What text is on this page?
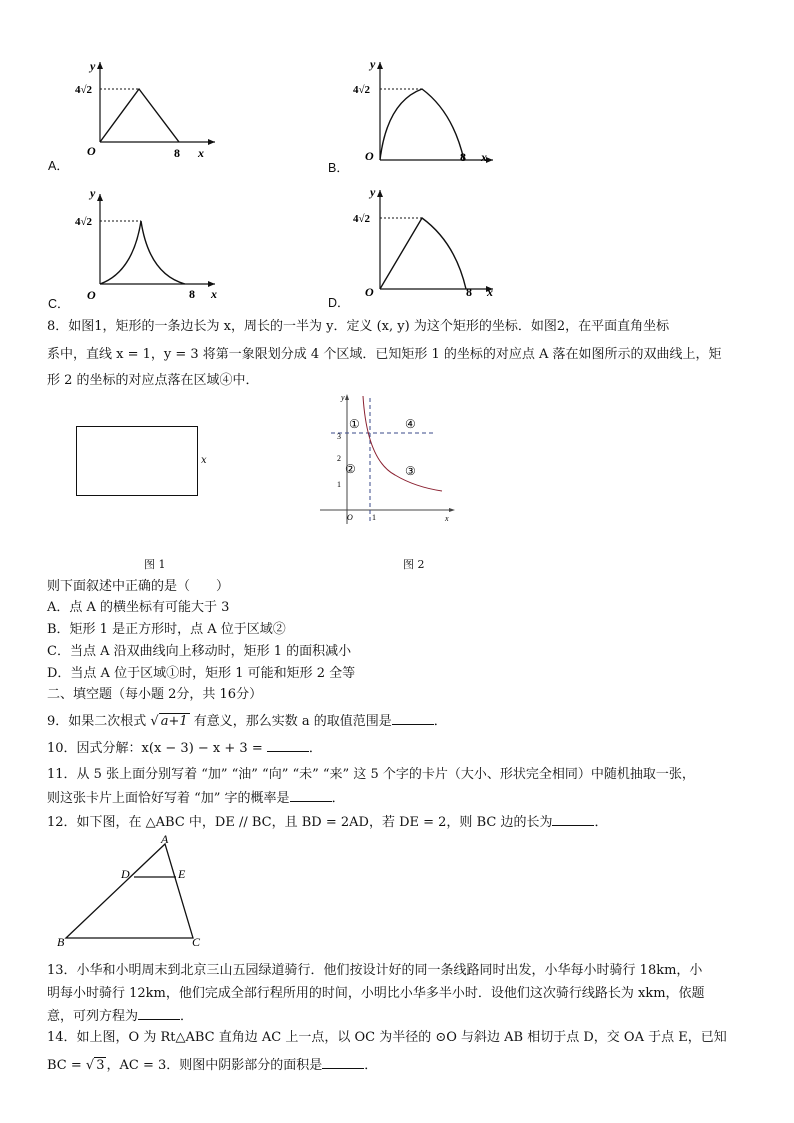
y
4√2
O	8 x
A．
y
4√2
O	8 x
B．
y
4√2
O	8 x
C．
y
4√2
O	8 x
D．
8．如图1，矩形的一条边长为 x，周长的一半为 y．定义 (x, y) 为这个矩形的坐标．如图2，在平面直角坐标
系中，直线 x = 1，y = 3 将第一象限划分成 4 个区域．已知矩形 1 的坐标的对应点 A 落在如图所示的双曲线上，矩
形 2 的坐标的对应点落在区域④中．
x
y
x
O 1
1
2
3
①	④
②	③
图 1	图 2
则下面叙述中正确的是（　　）
A．点 A 的横坐标有可能大于 3
B．矩形 1 是正方形时，点 A 位于区域②
C．当点 A 沿双曲线向上移动时，矩形 1 的面积减小
D．当点 A 位于区域①时，矩形 1 可能和矩形 2 全等
二、填空题（每小题 2分，共 16分）
9．如果二次根式 √ a+1 有意义，那么实数 a 的取值范围是	．
10．因式分解：x(x − 3) − x + 3 =	．
11．从 5 张上面分别写着 “加” “油” “向” “未” “来” 这 5 个字的卡片（大小、形状完全相同）中随机抽取一张，
则这张卡片上面恰好写着 “加” 字的概率是	．
12．如下图，在 △ABC 中，DE // BC，且 BD = 2AD，若 DE = 2，则 BC 边的长为	．
A
B	C
D	E
13．小华和小明周末到北京三山五园绿道骑行．他们按设计好的同一条线路同时出发，小华每小时骑行 18km，小
明每小时骑行 12km，他们完成全部行程所用的时间，小明比小华多半小时．设他们这次骑行线路长为 xkm，依题
意，可列方程为	．
14．如上图，O 为 Rt△ABC 直角边 AC 上一点，以 OC 为半径的 ⊙O 与斜边 AB 相切于点 D，交 OA 于点 E，已知
BC = √ 3 ，AC = 3．则图中阴影部分的面积是	．
